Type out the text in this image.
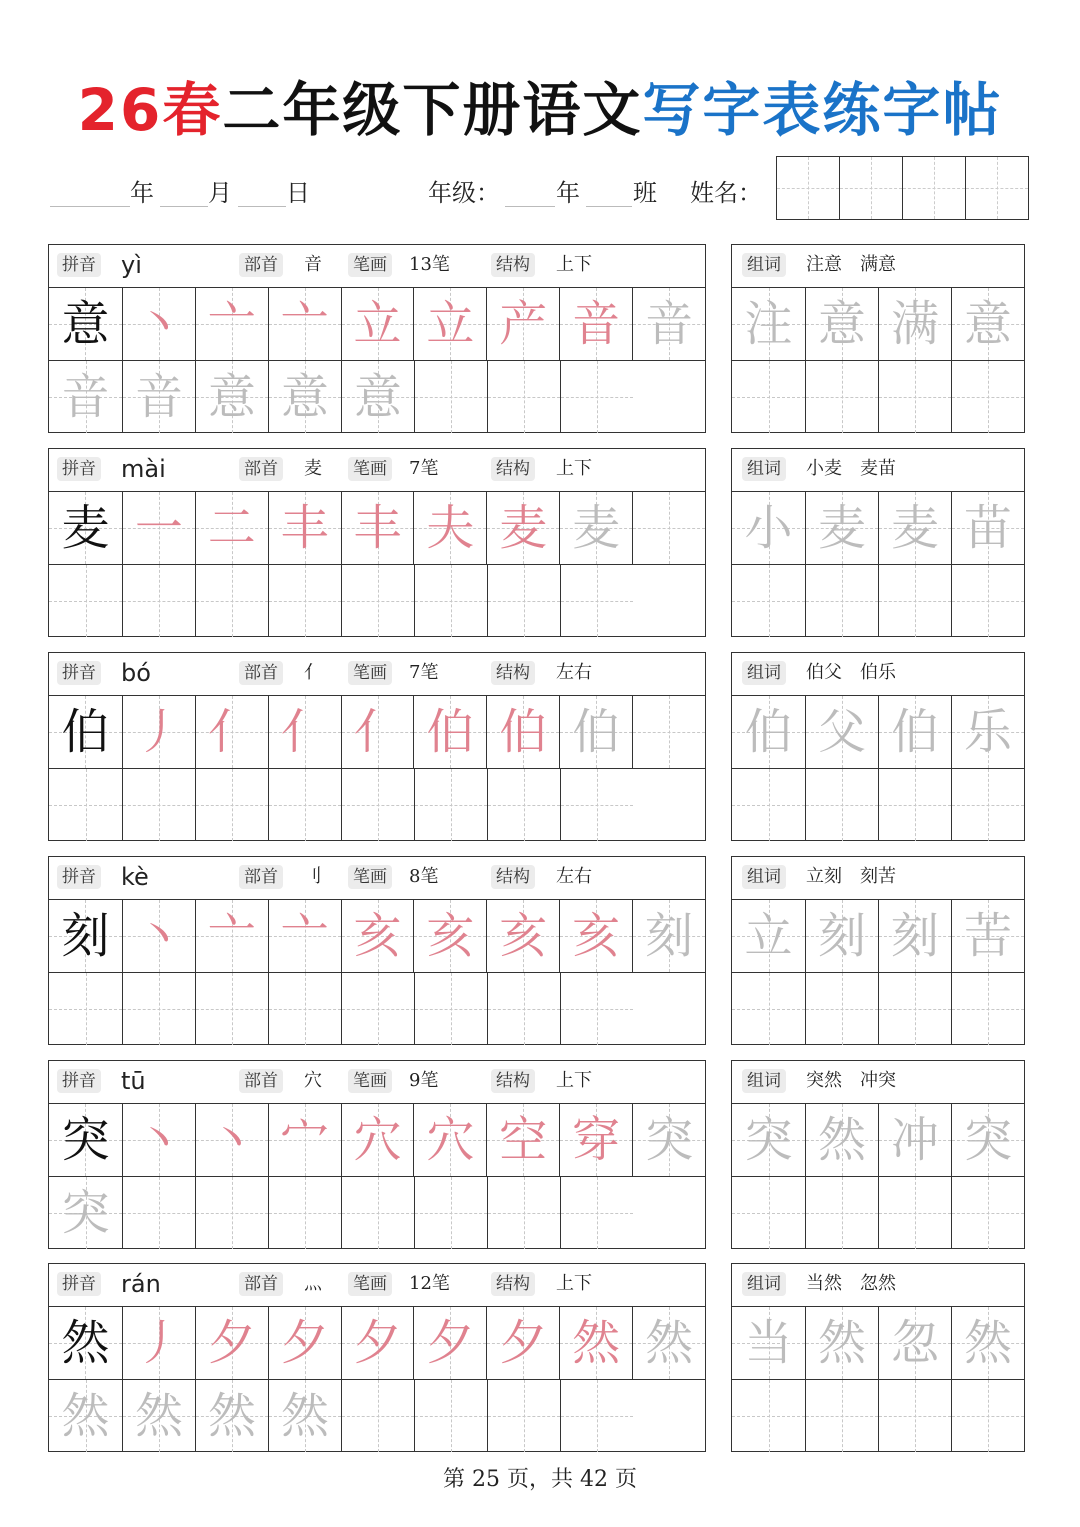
26春二年级下册语文写字表练字帖
年 月 日	年级： 年 班 姓名：
拼音 yì	部首 音 笔画 13笔	结构 上下
意 丶 亠 亠 立 立 产 音 音
音 音 意 意 意
组词 注意　满意
注 意 满 意
拼音 mài	部首 麦 笔画 7笔	结构 上下
麦 一 二 丰 丰 夫 麦 麦
组词 小麦　麦苗
小 麦 麦 苗
拼音 bó	部首 亻 笔画 7笔	结构 左右
伯 丿 亻 亻 亻 伯 伯 伯
组词 伯父　伯乐
伯 父 伯 乐
拼音 kè	部首 刂 笔画 8笔	结构 左右
刻 丶 亠 亠 亥 亥 亥 亥 刻
组词 立刻　刻苦
立 刻 刻 苦
拼音 tū	部首 穴 笔画 9笔	结构 上下
突 丶 丶 宀 穴 穴 空 穿 突
突
组词 突然　冲突
突 然 冲 突
拼音 rán	部首 灬 笔画 12笔	结构 上下
然 丿 夕 夕 夕 夕 夕 然 然
然 然 然 然
组词 当然　忽然
当 然 忽 然
第 25 页，共 42 页
